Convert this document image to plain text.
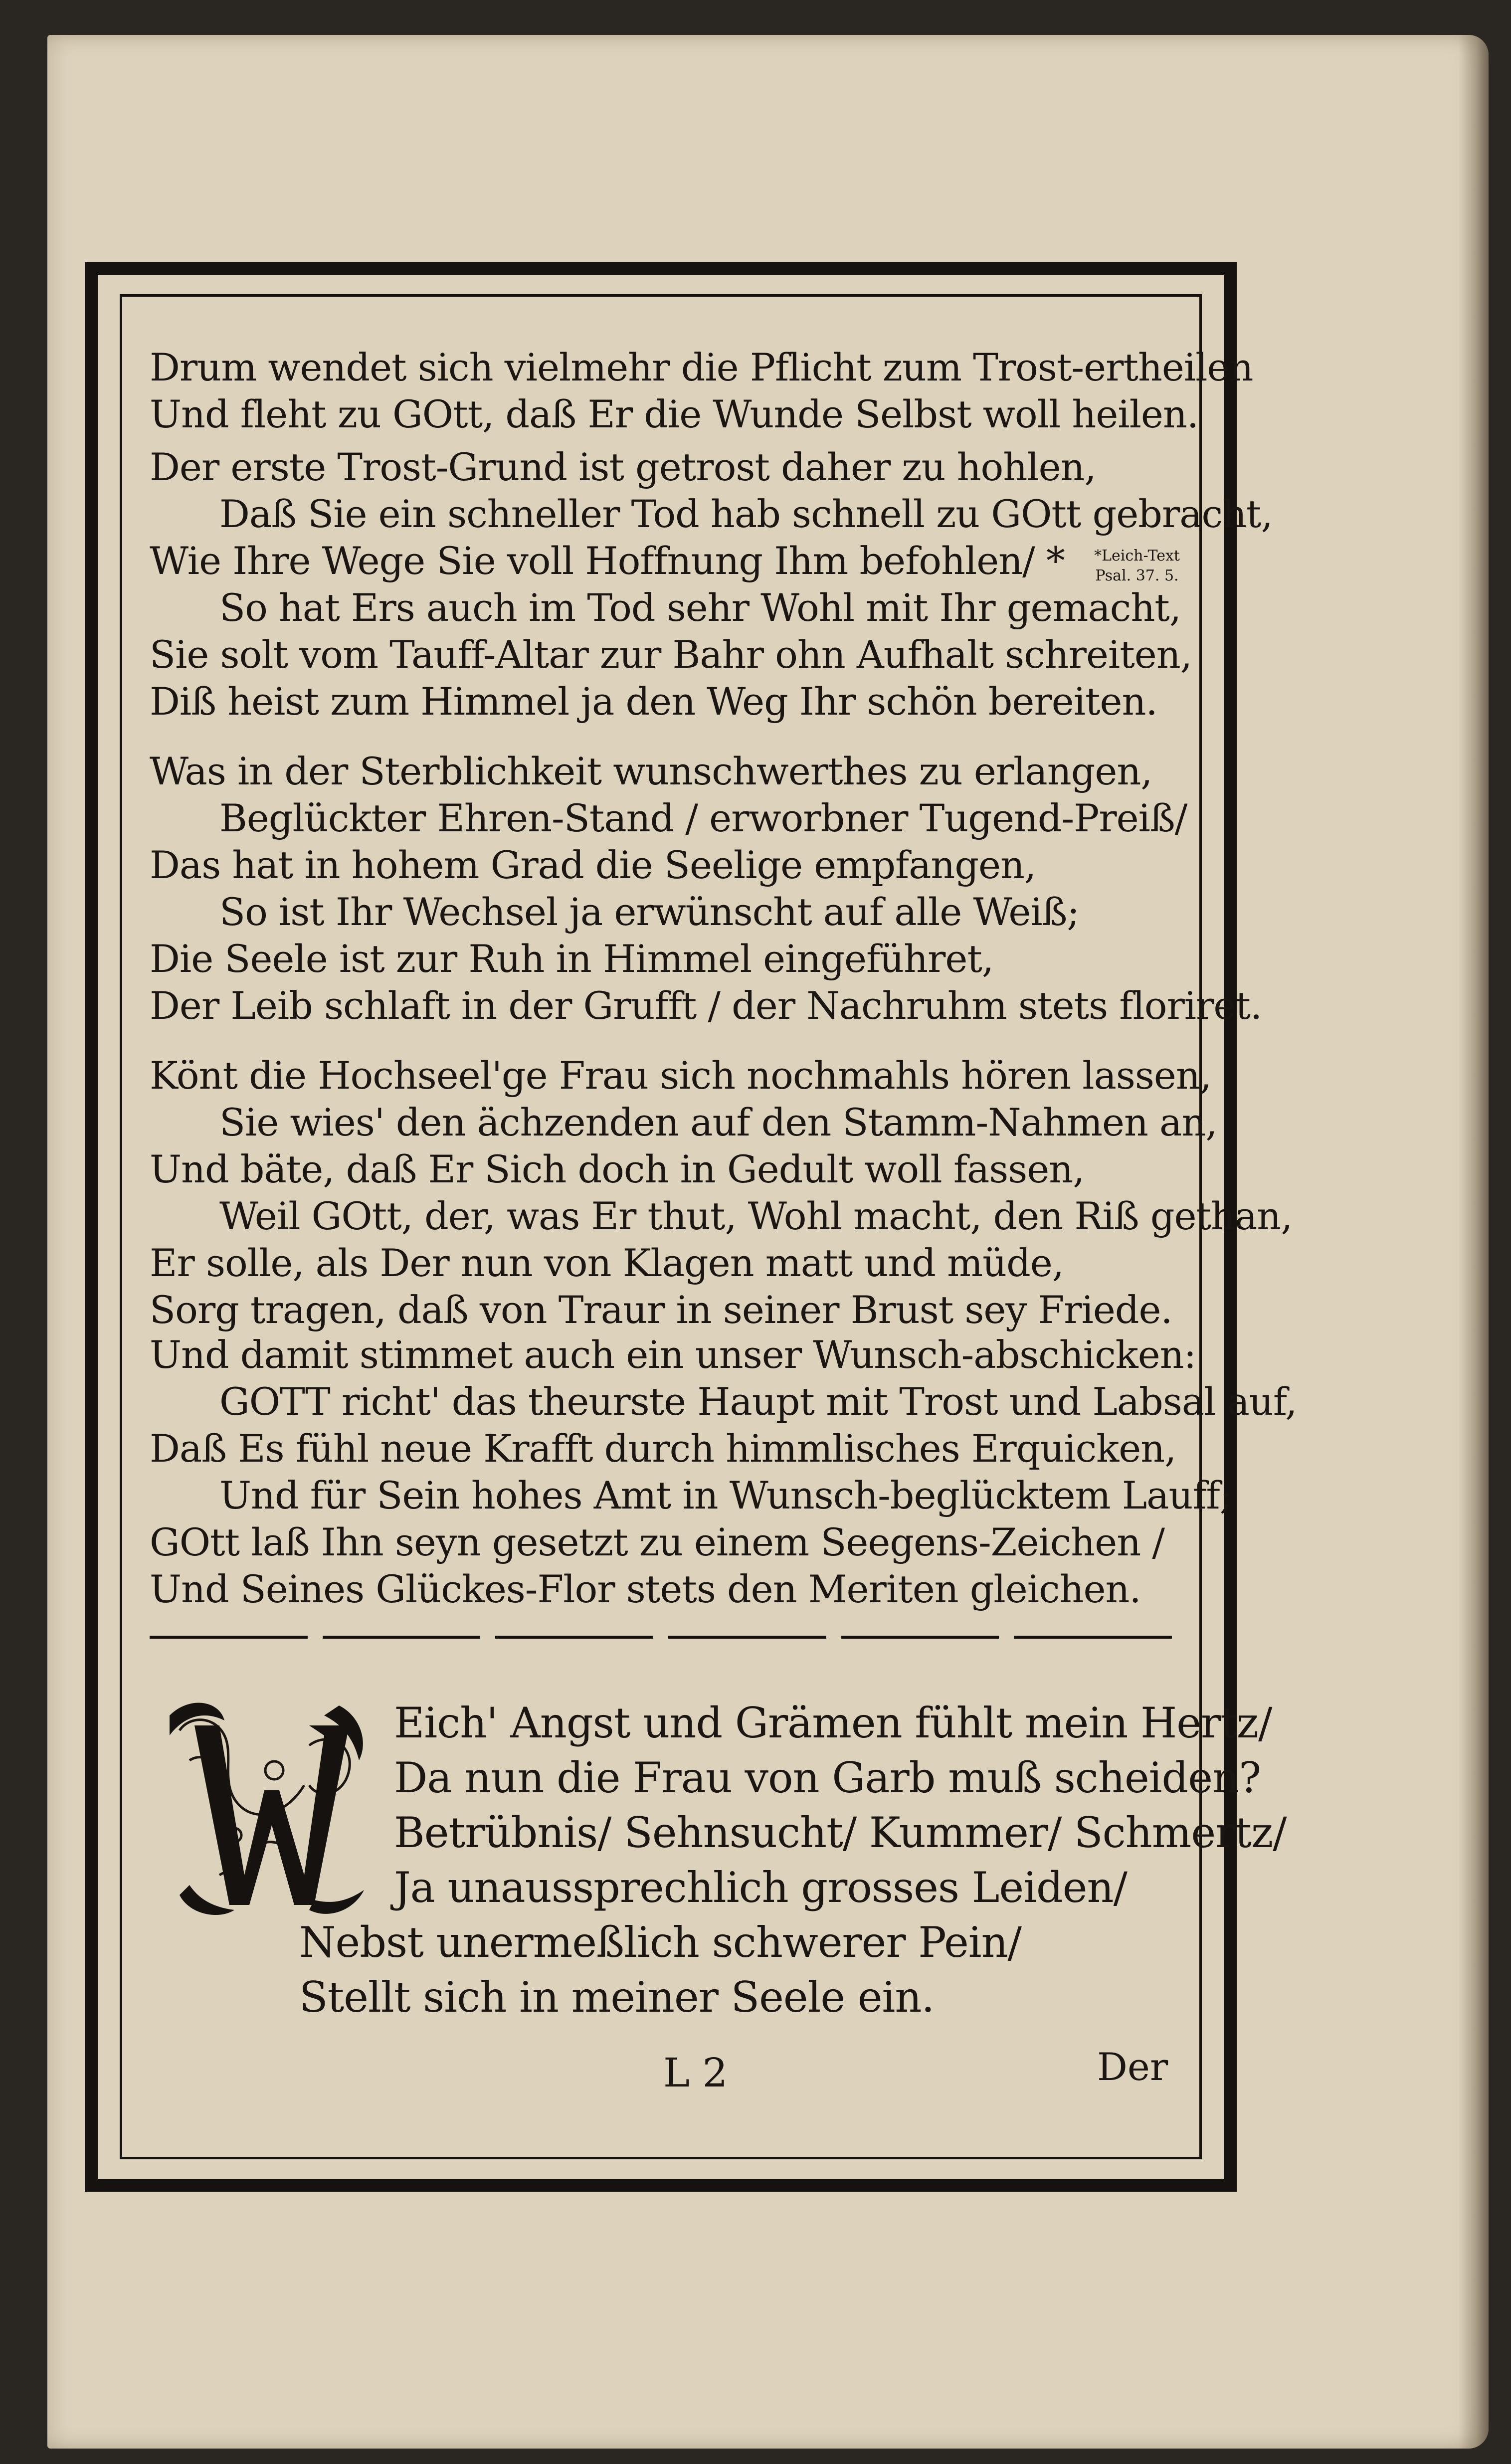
Drum wendet sich vielmehr die Pflicht zum Trost-ertheilen
Und fleht zu GOtt, daß Er die Wunde Selbst woll heilen.
Der erste Trost-Grund ist getrost daher zu hohlen,
Daß Sie ein schneller Tod hab schnell zu GOtt gebracht,
Wie Ihre Wege Sie voll Hoffnung Ihm befohlen/ *
So hat Ers auch im Tod sehr Wohl mit Ihr gemacht,
Sie solt vom Tauff-Altar zur Bahr ohn Aufhalt schreiten,
Diß heist zum Himmel ja den Weg Ihr schön bereiten.
*Leich-Text Psal. 37. 5.
Was in der Sterblichkeit wunschwerthes zu erlangen,
Beglückter Ehren-Stand / erworbner Tugend-Preiß/
Das hat in hohem Grad die Seelige empfangen,
So ist Ihr Wechsel ja erwünscht auf alle Weiß;
Die Seele ist zur Ruh in Himmel eingeführet,
Der Leib schlaft in der Grufft / der Nachruhm stets floriret.
Könt die Hochseel'ge Frau sich nochmahls hören lassen,
Sie wies' den ächzenden auf den Stamm-Nahmen an,
Und bäte, daß Er Sich doch in Gedult woll fassen,
Weil GOtt, der, was Er thut, Wohl macht, den Riß gethan,
Er solle, als Der nun von Klagen matt und müde,
Sorg tragen, daß von Traur in seiner Brust sey Friede.
Und damit stimmet auch ein unser Wunsch-abschicken:
GOTT richt' das theurste Haupt mit Trost und Labsal auf,
Daß Es fühl neue Krafft durch himmlisches Erquicken,
Und für Sein hohes Amt in Wunsch-beglücktem Lauff;
GOtt laß Ihn seyn gesetzt zu einem Seegens-Zeichen /
Und Seines Glückes-Flor stets den Meriten gleichen.
Eich' Angst und Grämen fühlt mein Hertz/
Da nun die Frau von Garb muß scheiden?
Betrübnis/ Sehnsucht/ Kummer/ Schmertz/
Ja unaussprechlich grosses Leiden/
Nebst unermeßlich schwerer Pein/
Stellt sich in meiner Seele ein.
L 2	Der
